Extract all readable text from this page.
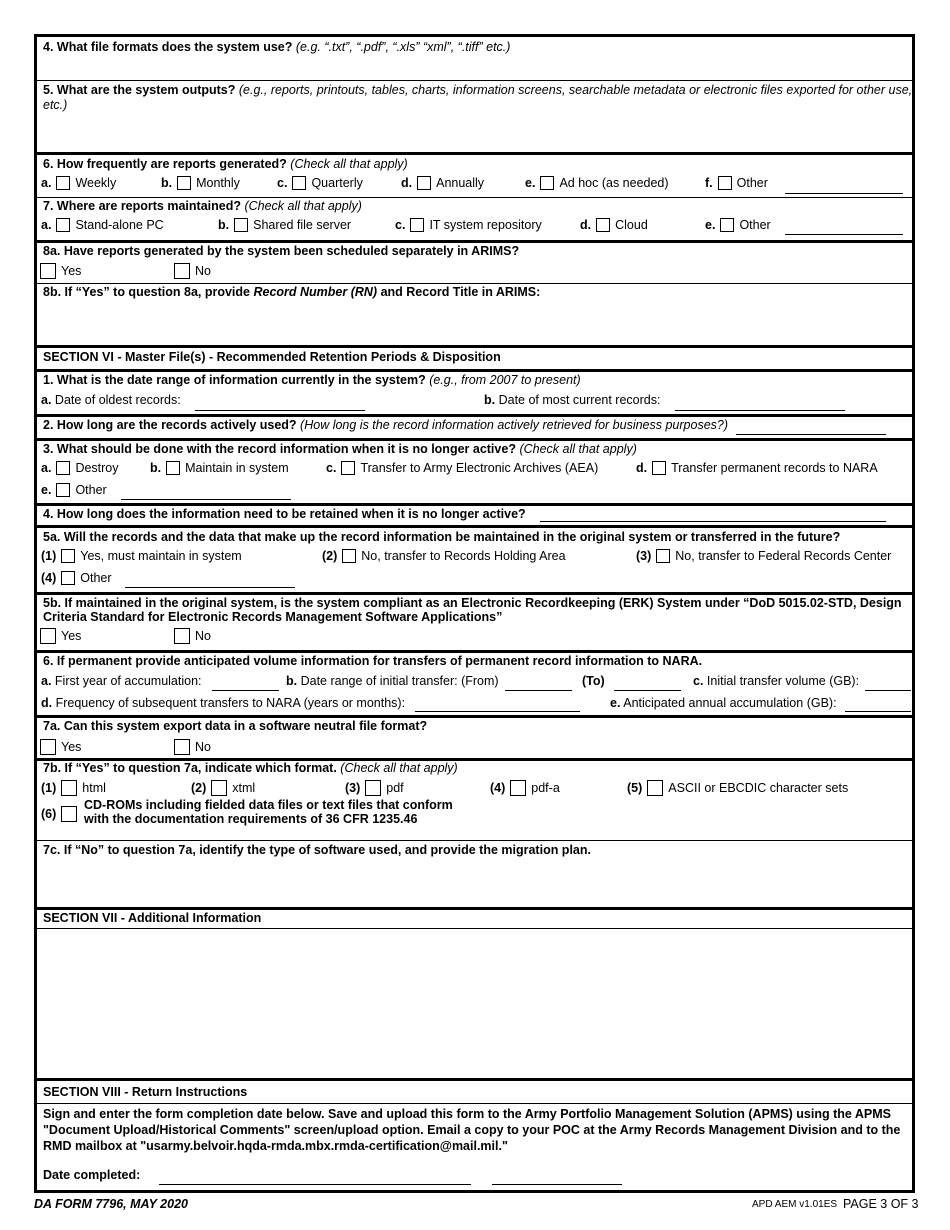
4. What file formats does the system use? (e.g. “.txt”, “.pdf”, “.xls” “xml”, “.tiff” etc.)
5. What are the system outputs? (e.g., reports, printouts, tables, charts, information screens, searchable metadata or electronic files exported for other use,
etc.)
6. How frequently are reports generated? (Check all that apply)
a. Weekly	b. Monthly	c. Quarterly	d. Annually	e. Ad hoc (as needed)	f. Other
7. Where are reports maintained? (Check all that apply)
a. Stand-alone PC	b. Shared file server	c. IT system repository	d. Cloud	e. Other
8a. Have reports generated by the system been scheduled separately in ARIMS?
Yes	No
8b. If “Yes” to question 8a, provide Record Number (RN) and Record Title in ARIMS:
SECTION VI - Master File(s) - Recommended Retention Periods & Disposition
1. What is the date range of information currently in the system? (e.g., from 2007 to present)
a. Date of oldest records:	b. Date of most current records:
2. How long are the records actively used? (How long is the record information actively retrieved for business purposes?)
3. What should be done with the record information when it is no longer active? (Check all that apply)
a. Destroy	b. Maintain in system	c. Transfer to Army Electronic Archives (AEA)	d. Transfer permanent records to NARA
e. Other
4. How long does the information need to be retained when it is no longer active?
5a. Will the records and the data that make up the record information be maintained in the original system or transferred in the future?
(1) Yes, must maintain in system	(2) No, transfer to Records Holding Area	(3) No, transfer to Federal Records Center
(4) Other
5b. If maintained in the original system, is the system compliant as an Electronic Recordkeeping (ERK) System under “DoD 5015.02-STD, Design
Criteria Standard for Electronic Records Management Software Applications”
Yes	No
6. If permanent provide anticipated volume information for transfers of permanent record information to NARA.
a. First year of accumulation:	b. Date range of initial transfer: (From)	(To)	c. Initial transfer volume (GB):
d. Frequency of subsequent transfers to NARA (years or months):	e. Anticipated annual accumulation (GB):
7a. Can this system export data in a software neutral file format?
Yes	No
7b. If “Yes” to question 7a, indicate which format. (Check all that apply)
(1) html	(2) xtml	(3) pdf	(4) pdf-a	(5) ASCII or EBCDIC character sets
(6)
CD-ROMs including fielded data files or text files that conform
with the documentation requirements of 36 CFR 1235.46
7c. If “No” to question 7a, identify the type of software used, and provide the migration plan.
SECTION VII - Additional Information
SECTION VIII - Return Instructions
Sign and enter the form completion date below. Save and upload this form to the Army Portfolio Management Solution (APMS) using the APMS
"Document Upload/Historical Comments" screen/upload option. Email a copy to your POC at the Army Records Management Division and to the
RMD mailbox at "usarmy.belvoir.hqda-rmda.mbx.rmda-certification@mail.mil."
Date completed:
DA FORM 7796, MAY 2020	APD AEM v1.01ES PAGE 3 OF 3
